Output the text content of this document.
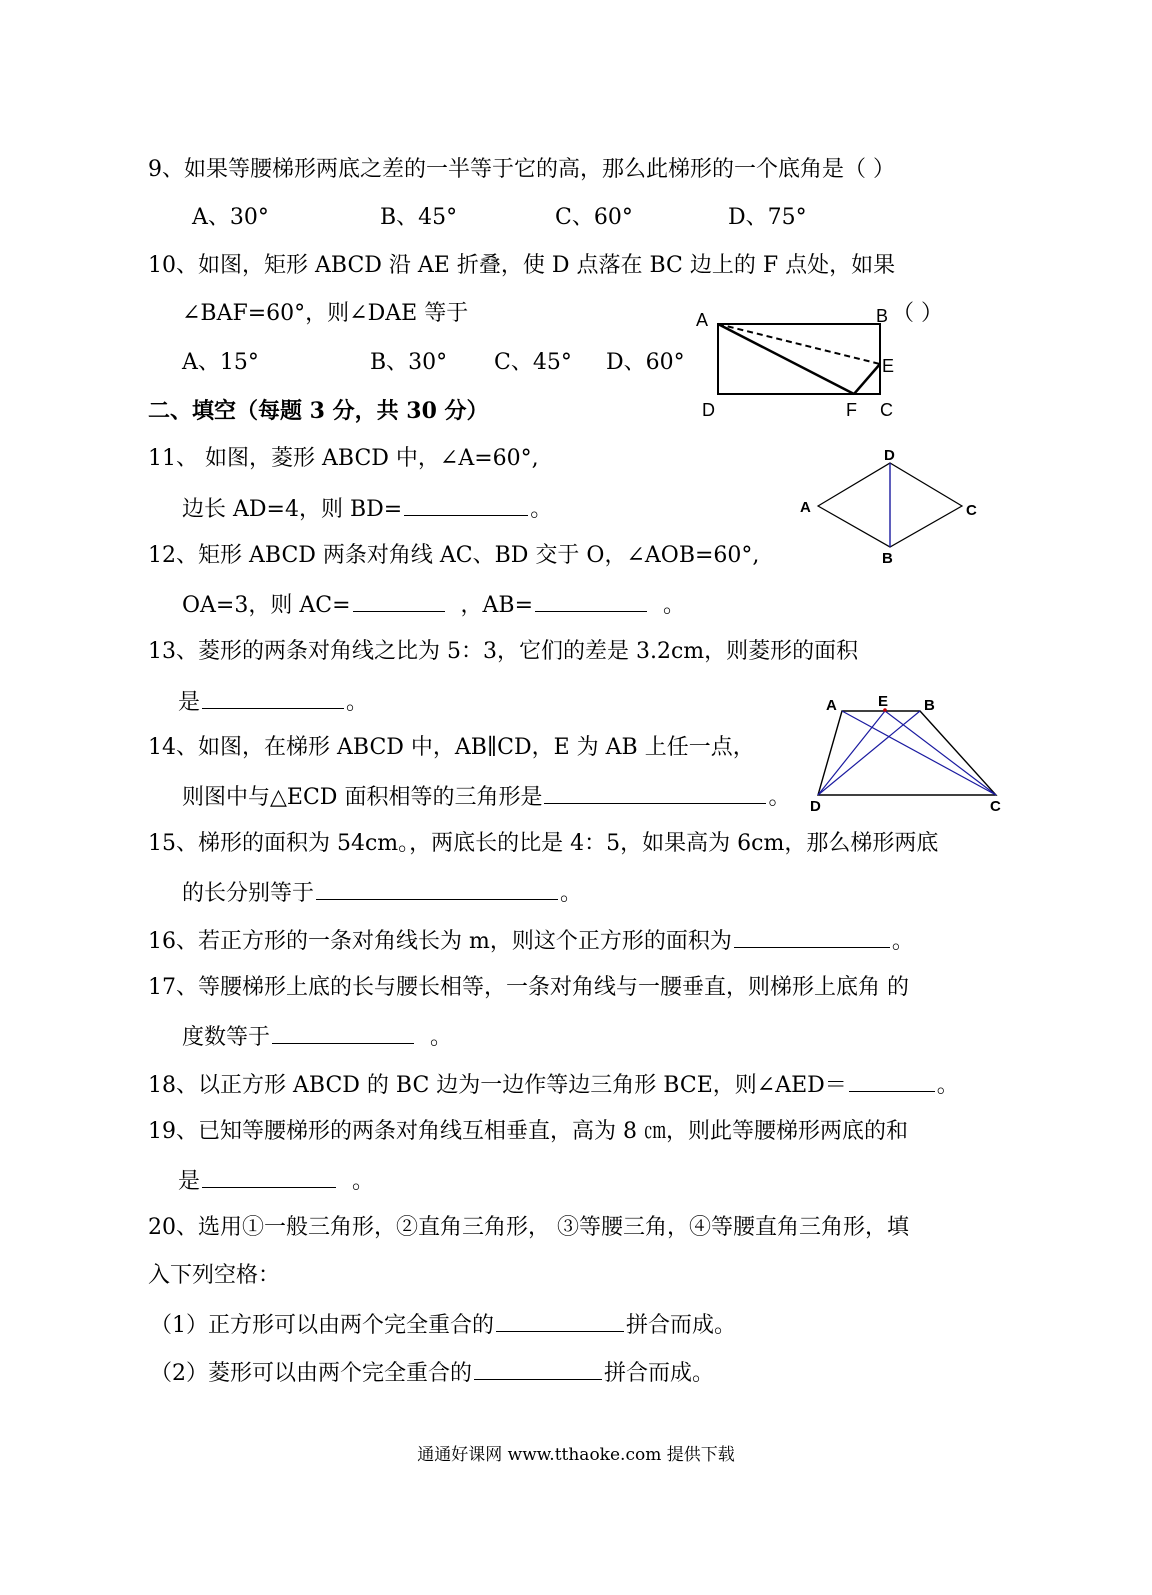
9、如果等腰梯形两底之差的一半等于它的高，那么此梯形的一个底角是（ ）
A、30°	B、45°	C、60°	D、75°
10、如图，矩形 ABCD 沿 AE 折叠，使 D 点落在 BC 边上的 F 点处，如果
∠BAF=60°，则∠DAE 等于	（ ）
A、15°	B、30° C、45° D、60°
A	B
E
D	F C
二、填空（每题 3 分，共 30 分）
11、 如图，菱形 ABCD 中，∠A=60°,
边长 AD=4，则 BD=	。	A
D
C
B
12、矩形 ABCD 两条对角线 AC、BD 交于 O，∠AOB=60°,
OA=3，则 AC=	，AB=	。
13、菱形的两条对角线之比为 5：3，它们的差是 3.2cm，则菱形的面积
是	。
14、如图，在梯形 ABCD 中，AB∥CD，E 为 AB 上任一点，
则图中与△ECD 面积相等的三角形是	。
A	E B
D	C
15、梯形的面积为 54cm。，两底长的比是 4：5，如果高为 6cm，那么梯形两底
的长分别等于	。
16、若正方形的一条对角线长为 m，则这个正方形的面积为	。
17、等腰梯形上底的长与腰长相等，一条对角线与一腰垂直，则梯形上底角 的
度数等于	。
18、以正方形 ABCD 的 BC 边为一边作等边三角形 BCE，则∠AED＝	。
19、已知等腰梯形的两条对角线互相垂直，高为 8 ㎝，则此等腰梯形两底的和
是	。
20、选用①一般三角形，②直角三角形， ③等腰三角，④等腰直角三角形，填
入下列空格：
（1）正方形可以由两个完全重合的	拼合而成。
（2）菱形可以由两个完全重合的	拼合而成。
通通好课网 www.tthaoke.com 提供下载
